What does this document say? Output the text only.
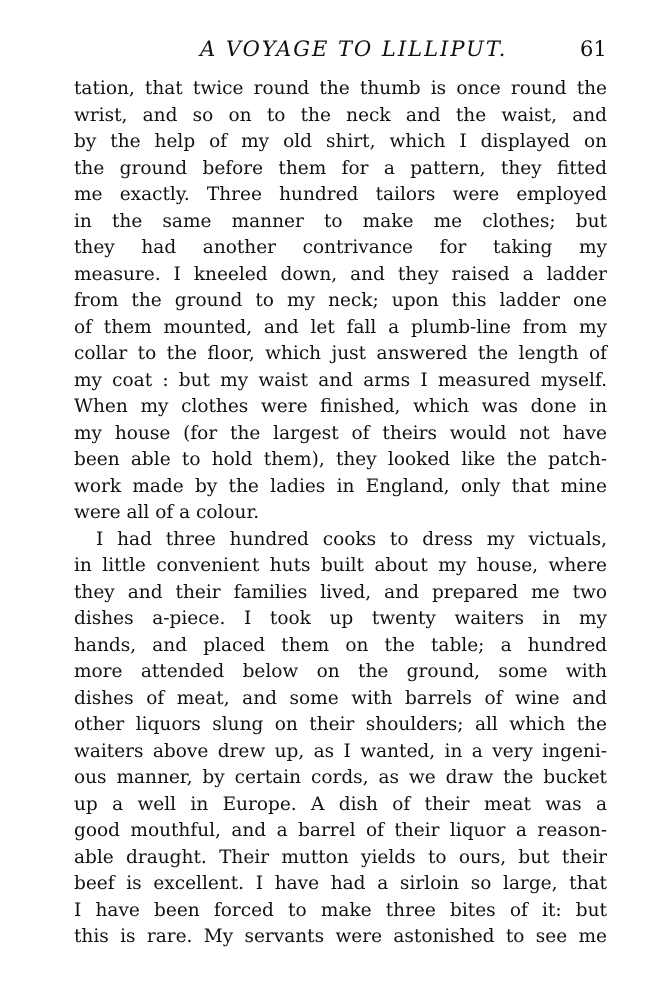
A VOYAGE TO LILLIPUT.	61
tation, that twice round the thumb is once round the
wrist, and so on to the neck and the waist, and
by the help of my old shirt, which I displayed on
the ground before them for a pattern, they fitted
me exactly. Three hundred tailors were employed
in the same manner to make me clothes; but
they had another contrivance for taking my
measure. I kneeled down, and they raised a ladder
from the ground to my neck; upon this ladder one
of them mounted, and let fall a plumb-line from my
collar to the floor, which just answered the length of
my coat : but my waist and arms I measured myself.
When my clothes were finished, which was done in
my house (for the largest of theirs would not have
been able to hold them), they looked like the patch-
work made by the ladies in England, only that mine
were all of a colour.
I had three hundred cooks to dress my victuals,
in little convenient huts built about my house, where
they and their families lived, and prepared me two
dishes a-piece. I took up twenty waiters in my
hands, and placed them on the table; a hundred
more attended below on the ground, some with
dishes of meat, and some with barrels of wine and
other liquors slung on their shoulders; all which the
waiters above drew up, as I wanted, in a very ingeni-
ous manner, by certain cords, as we draw the bucket
up a well in Europe. A dish of their meat was a
good mouthful, and a barrel of their liquor a reason-
able draught. Their mutton yields to ours, but their
beef is excellent. I have had a sirloin so large, that
I have been forced to make three bites of it: but
this is rare. My servants were astonished to see me
